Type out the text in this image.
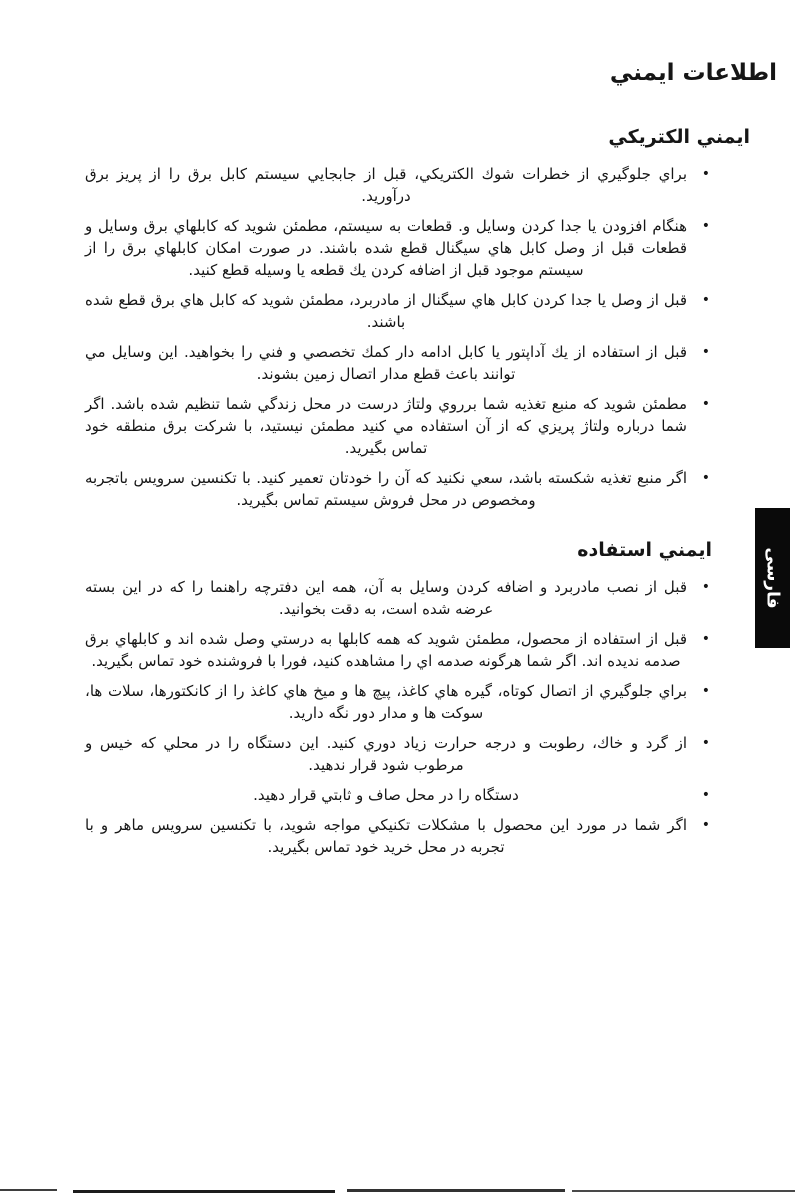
اطلاعات ايمني
ايمني الكتريكي
•
براي جلوگيري از خطرات شوك الكتريكي، قبل از جابجايي سيستم كابل برق را از پريز برق درآوريد.
•
هنگام افزودن يا جدا كردن وسايل و. قطعات به سيستم، مطمئن شويد كه كابلهاي برق وسايل و قطعات قبل از وصل كابل هاي سيگنال قطع شده باشند. در صورت امكان كابلهاي برق را از سيستم موجود قبل از اضافه كردن يك قطعه يا وسيله قطع كنيد.
•
قبل از وصل يا جدا كردن كابل هاي سيگنال از مادربرد، مطمئن شويد كه كابل هاي برق قطع شده باشند.
•
قبل از استفاده از يك آداپتور يا كابل ادامه دار كمك تخصصي و فني را بخواهيد. اين وسايل مي توانند باعث قطع مدار اتصال زمين بشوند.
•
مطمئن شويد كه منبع تغذيه شما برروي ولتاژ درست در محل زندگي شما تنظيم شده باشد. اگر شما درباره ولتاژ پريزي كه از آن استفاده مي كنيد مطمئن نيستيد، با شركت برق منطقه خود تماس بگيريد.
•
اگر منبع تغذيه شكسته باشد، سعي نكنيد كه آن را خودتان تعمير كنيد. با تكنسين سرويس باتجربه ومخصوص در محل فروش سيستم تماس بگيريد.
ايمني استفاده
•
قبل از نصب مادربرد و اضافه كردن وسايل به آن، همه اين دفترچه راهنما را كه در اين بسته عرضه شده است، به دقت بخوانيد.
•
قبل از استفاده از محصول، مطمئن شويد كه همه كابلها به درستي وصل شده اند و كابلهاي برق صدمه نديده اند. اگر شما هرگونه صدمه اي را مشاهده كنيد، فورا با فروشنده خود تماس بگيريد.
•
براي جلوگيري از اتصال كوتاه، گيره هاي كاغذ، پيچ ها و ميخ هاي كاغذ را از كانكتورها، سلات ها، سوكت ها و مدار دور نگه داريد.
•
از گرد و خاك، رطوبت و درجه حرارت زياد دوري كنيد. اين دستگاه را در محلي كه خيس و مرطوب شود قرار ندهيد.
•
دستگاه را در محل صاف و ثابتي قرار دهيد.
•
اگر شما در مورد اين محصول با مشكلات تكنيكي مواجه شويد، با تكنسين سرويس ماهر و با تجربه در محل خريد خود تماس بگيريد.
فارسی
